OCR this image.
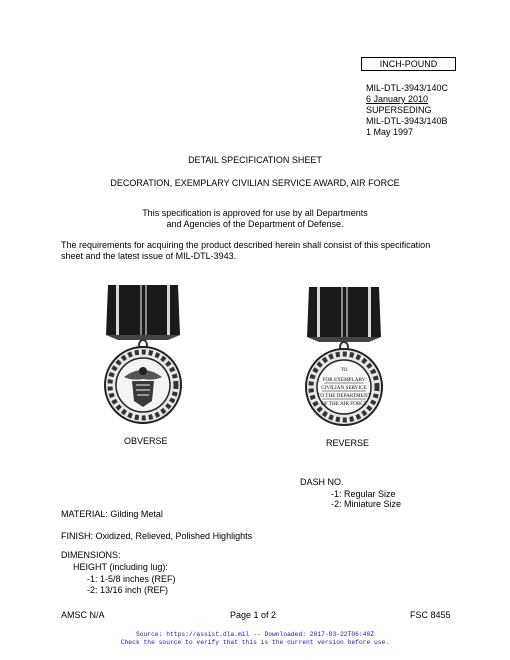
INCH-POUND
MIL-DTL-3943/140C
6 January 2010
SUPERSEDING
MIL-DTL-3943/140B
1 May 1997
DETAIL SPECIFICATION SHEET
DECORATION, EXEMPLARY CIVILIAN SERVICE AWARD, AIR FORCE
This specification is approved for use by all Departments
and Agencies of the Department of Defense.
The requirements for acquiring the product described herein shall consist of this specification
sheet and the latest issue of MIL-DTL-3943.
OBVERSE
TO
FOR EXEMPLARY
CIVILIAN SERVICE
TO THE DEPARTMENT
OF THE AIR FORCE
REVERSE
DASH NO.
-1: Regular Size
-2: Miniature Size
MATERIAL: Gilding Metal
FINISH: Oxidized, Relieved, Polished Highlights
DIMENSIONS:
HEIGHT (including lug):
-1: 1-5/8 inches (REF)
-2: 13/16 inch (REF)
AMSC N/A	Page 1 of 2	FSC 8455
Source: https://assist.dla.mil -- Downloaded: 2017-03-22T06:40Z
Check the source to verify that this is the current version before use.
